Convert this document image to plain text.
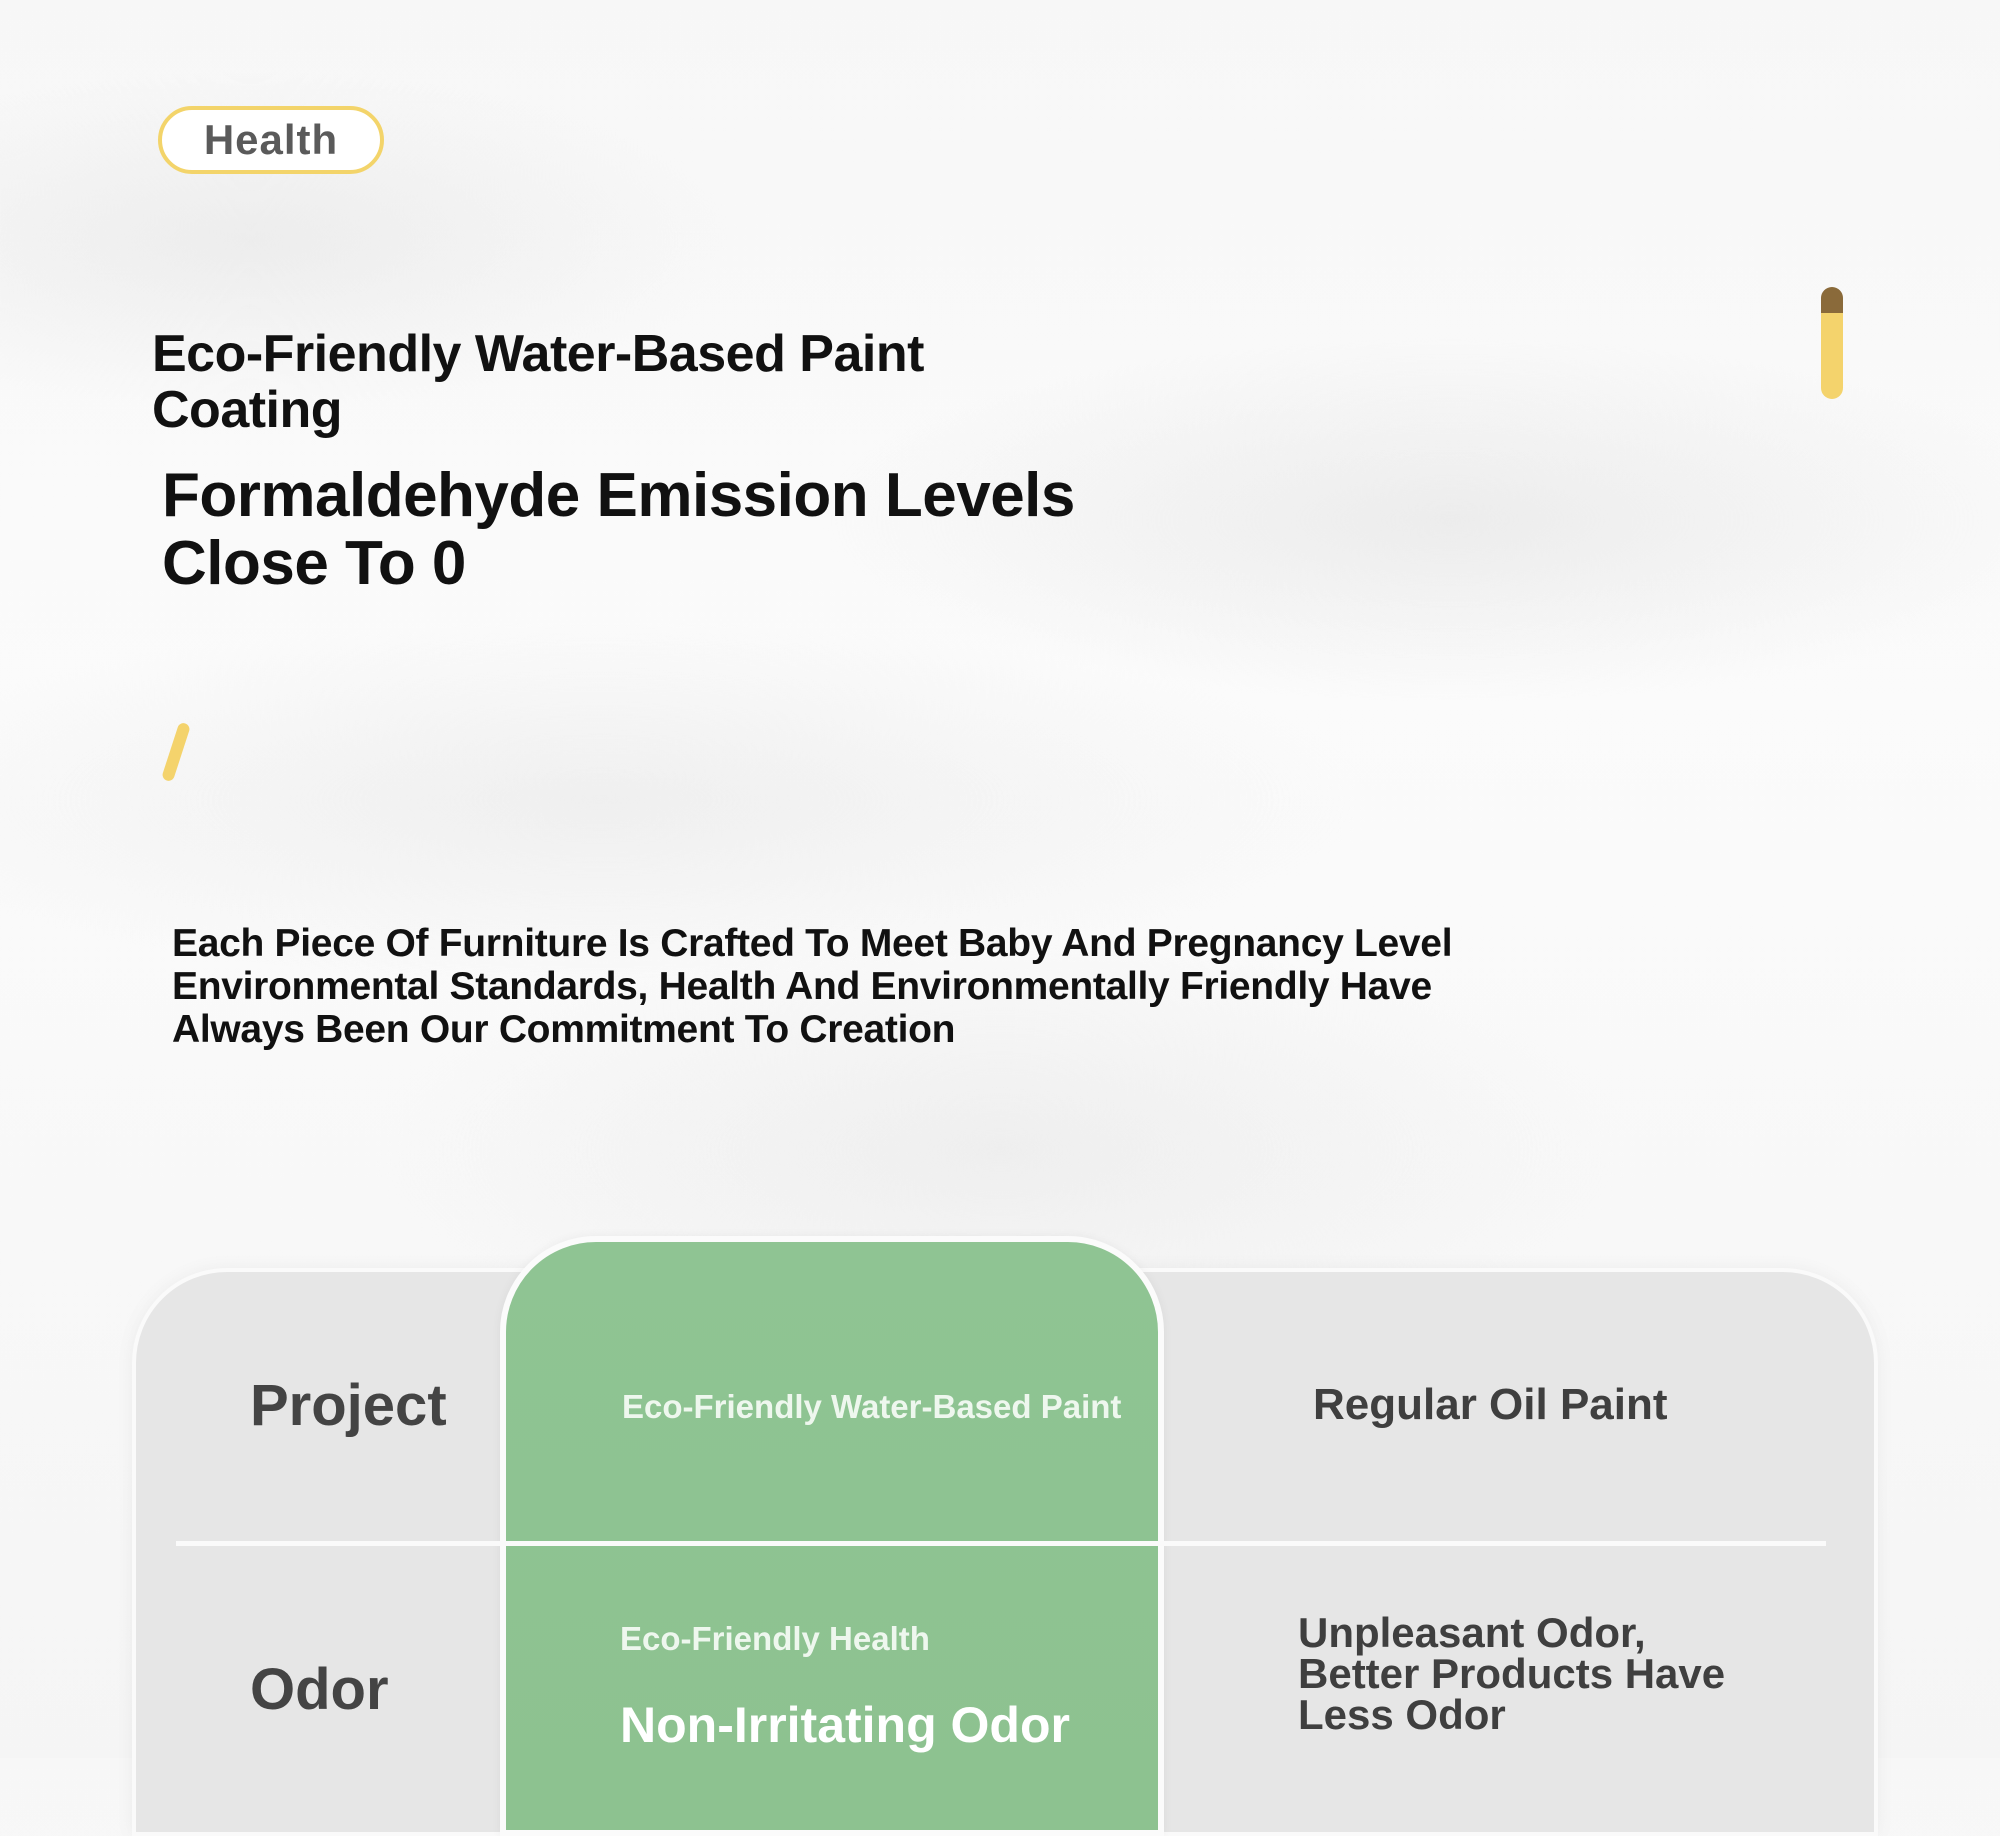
Health
Eco-Friendly Water-Based Paint Coating
Formaldehyde Emission Levels Close To 0
Each Piece Of Furniture Is Crafted To Meet Baby And Pregnancy Level Environmental Standards, Health And Environmentally Friendly Have Always Been Our Commitment To Creation
Project	Eco-Friendly Water-Based Paint	Regular Oil Paint
Odor
Eco-Friendly Health
Non-Irritating Odor
Unpleasant Odor, Better Products Have Less Odor
